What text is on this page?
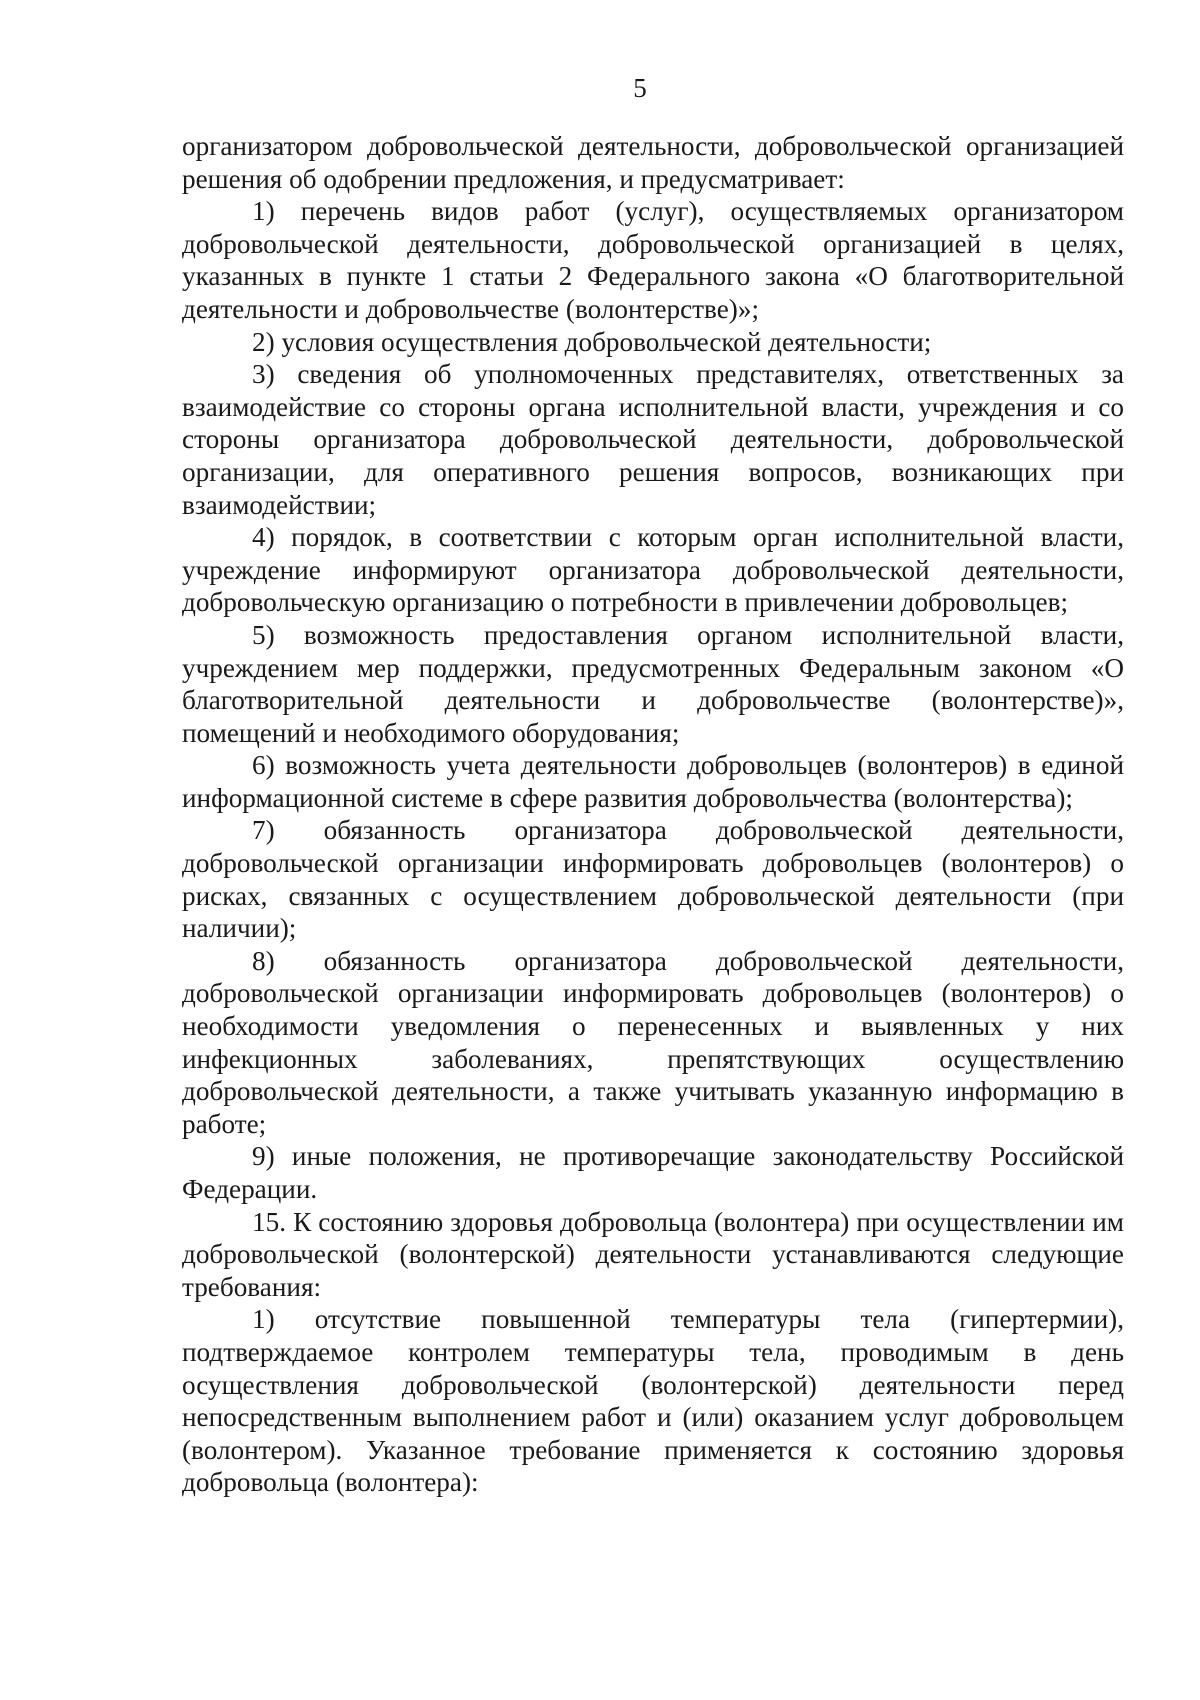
5

организатором добровольческой деятельности, добровольческой организацией решения об одобрении предложения, и предусматривает:

1) перечень видов работ (услуг), осуществляемых организатором добровольческой деятельности, добровольческой организацией в целях, указанных в пункте 1 статьи 2 Федерального закона «О благотворительной деятельности и добровольчестве (волонтерстве)»;

2) условия осуществления добровольческой деятельности;

3) сведения об уполномоченных представителях, ответственных за взаимодействие со стороны органа исполнительной власти, учреждения и со стороны организатора добровольческой деятельности, добровольческой организации, для оперативного решения вопросов, возникающих при взаимодействии;

4) порядок, в соответствии с которым орган исполнительной власти, учреждение информируют организатора добровольческой деятельности, добровольческую организацию о потребности в привлечении добровольцев;

5) возможность предоставления органом исполнительной власти, учреждением мер поддержки, предусмотренных Федеральным законом «О благотворительной деятельности и добровольчестве (волонтерстве)», помещений и необходимого оборудования;

6) возможность учета деятельности добровольцев (волонтеров) в единой информационной системе в сфере развития добровольчества (волонтерства);

7) обязанность организатора добровольческой деятельности, добровольческой организации информировать добровольцев (волонтеров) о рисках, связанных с осуществлением добровольческой деятельности (при наличии);

8) обязанность организатора добровольческой деятельности, добровольческой организации информировать добровольцев (волонтеров) о необходимости уведомления о перенесенных и выявленных у них инфекционных заболеваниях, препятствующих осуществлению добровольческой деятельности, а также учитывать указанную информацию в работе;

9) иные положения, не противоречащие законодательству Российской Федерации.

15. К состоянию здоровья добровольца (волонтера) при осуществлении им добровольческой (волонтерской) деятельности устанавливаются следующие требования:

1) отсутствие повышенной температуры тела (гипертермии), подтверждаемое контролем температуры тела, проводимым в день осуществления добровольческой (волонтерской) деятельности перед непосредственным выполнением работ и (или) оказанием услуг добровольцем (волонтером). Указанное требование применяется к состоянию здоровья добровольца (волонтера):
